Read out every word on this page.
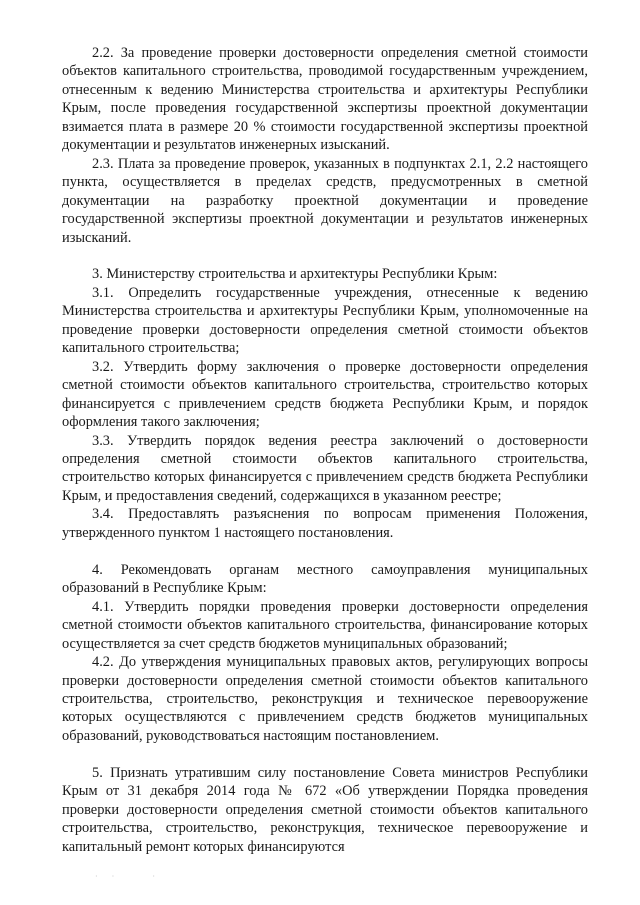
2.2. За проведение проверки достоверности определения сметной стоимости объектов капитального строительства, проводимой государственным учреждением, отнесенным к ведению Министерства строительства и архитектуры Республики Крым, после проведения государственной экспертизы проектной документации взимается плата в размере 20 % стоимости государственной экспертизы проектной документации и результатов инженерных изысканий.

2.3. Плата за проведение проверок, указанных в подпунктах 2.1, 2.2 настоящего пункта, осуществляется в пределах средств, предусмотренных в сметной документации на разработку проектной документации и проведение государственной экспертизы проектной документации и результатов инженерных изысканий.

3. Министерству строительства и архитектуры Республики Крым:

3.1. Определить государственные учреждения, отнесенные к ведению Министерства строительства и архитектуры Республики Крым, уполномоченные на проведение проверки достоверности определения сметной стоимости объектов капитального строительства;

3.2. Утвердить форму заключения о проверке достоверности определения сметной стоимости объектов капитального строительства, строительство которых финансируется с привлечением средств бюджета Республики Крым, и порядок оформления такого заключения;

3.3. Утвердить порядок ведения реестра заключений о достоверности определения сметной стоимости объектов капитального строительства, строительство которых финансируется с привлечением средств бюджета Республики Крым, и предоставления сведений, содержащихся в указанном реестре;

3.4. Предоставлять разъяснения по вопросам применения Положения, утвержденного пунктом 1 настоящего постановления.

4. Рекомендовать органам местного самоуправления муниципальных образований в Республике Крым:

4.1. Утвердить порядки проведения проверки достоверности определения сметной стоимости объектов капитального строительства, финансирование которых осуществляется за счет средств бюджетов муниципальных образований;

4.2. До утверждения муниципальных правовых актов, регулирующих вопросы проверки достоверности определения сметной стоимости объектов капитального строительства, строительство, реконструкция и техническое перевооружение которых осуществляются с привлечением средств бюджетов муниципальных образований, руководствоваться настоящим постановлением.

5. Признать утратившим силу постановление Совета министров Республики Крым от 31 декабря 2014 года № 672 «Об утверждении Порядка проведения проверки достоверности определения сметной стоимости объектов капитального строительства, строительство, реконструкция, техническое перевооружение и капитальный ремонт которых финансируются

· ·    ·
